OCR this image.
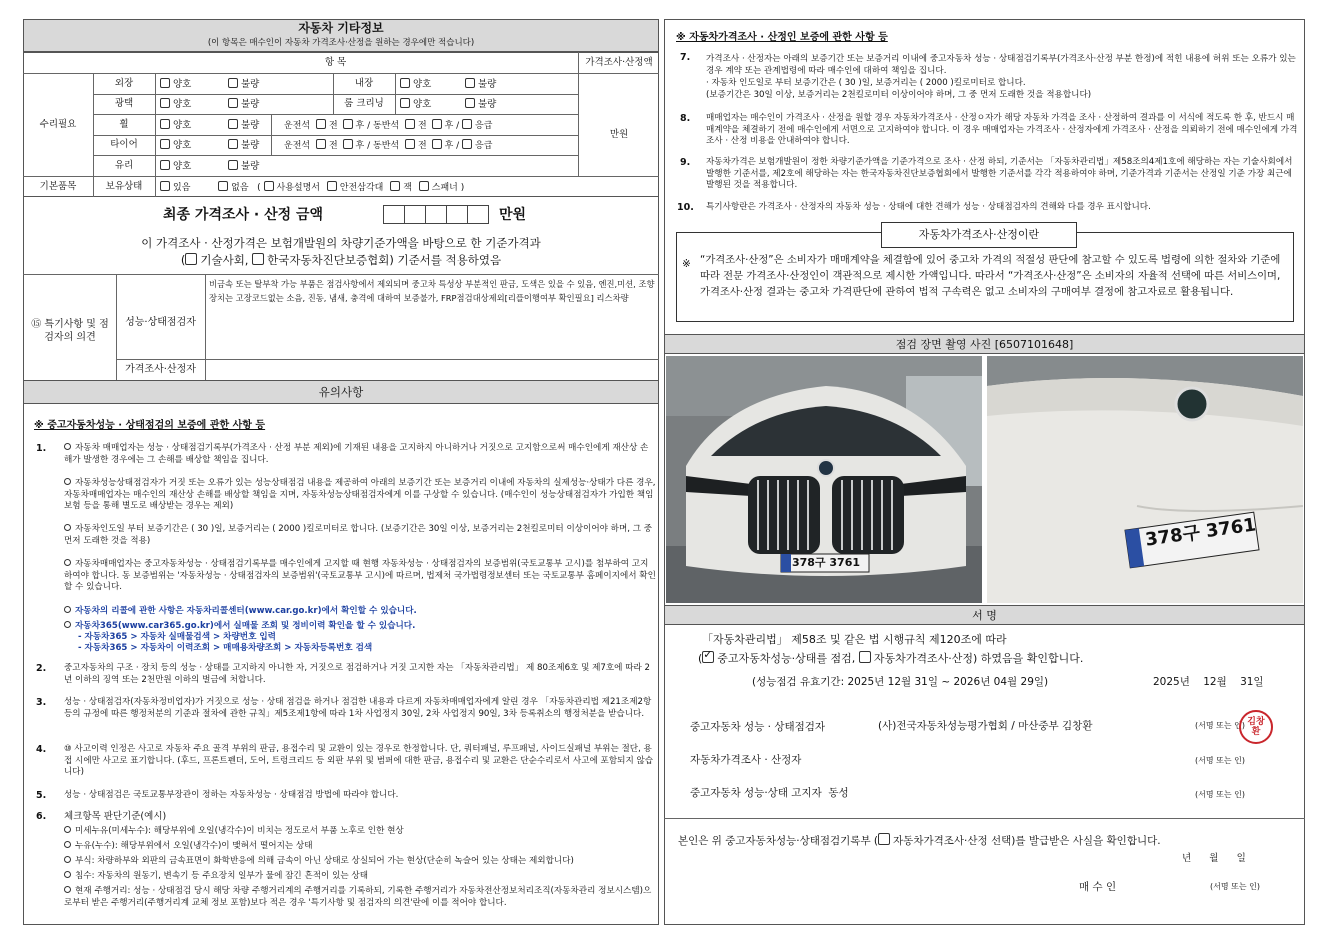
자동차 기타정보
(이 항목은 매수인이 자동차 가격조사·산정을 원하는 경우에만 적습니다)
항 목	가격조사·산정액
수리필요
만원
외장	양호	불량	내장	양호	불량
광택	양호	불량	룸 크리닝	양호	불량
휠	양호	불량	운전석 전 후 / 동반석 전 후 / 응급
타이어	양호	불량	운전석 전 후 / 동반석 전 후 / 응급
유리	양호	불량
기본품목	보유상태	있음	없음   ( 사용설명서 안전삼각대 잭 스패너 )
최종 가격조사 · 산정 금액	만원
이 가격조사 · 산정가격은 보험개발원의 차량기준가액을 바탕으로 한 기준가격과
( 기술사회, 한국자동차진단보증협회) 기준서를 적용하였음
⑮ 특기사항 및 점검자의 의견
성능·상태점검자
비금속 또는 탈부착 가능 부품은 점검사항에서 제외되며 중고차 특성상 부분적인 판금, 도색은 있을 수 있음, 엔진,미션, 조향장치는 고장코드없는 소음, 진동, 냄새, 충격에 대하여 보증불가, FRP점검대상제외[리플이행여부 확인필요] 리스차량
가격조사·산정자
유의사항
※ 중고자동차성능 · 상태점검의 보증에 관한 사항 등
1.	자동차 매매업자는 성능 · 상태점검기록부(가격조사 · 산정 부분 제외)에 기재된 내용을 고지하지 아니하거나 거짓으로 고지함으로써 매수인에게 재산상 손해가 발생한 경우에는 그 손해를 배상할 책임을 집니다.
자동차성능상태점검자가 거짓 또는 오류가 있는 성능상태점검 내용을 제공하여 아래의 보증기간 또는 보증거리 이내에 자동차의 실제성능·상태가 다른 경우, 자동차매매업자는 매수인의 재산상 손해를 배상할 책임을 지며, 자동차성능상태점검자에게 이를 구상할 수 있습니다. (매수인이 성능상태점검자가 가입한 책임보험 등을 통해 별도로 배상받는 경우는 제외)
자동차인도일 부터 보증기간은 ( 30 )일, 보증거리는 ( 2000 )킬로미터로 합니다. (보증기간은 30일 이상, 보증거리는 2천킬로미터 이상이어야 하며, 그 중 먼저 도래한 것을 적용)
자동차매매업자는 중고자동차성능 · 상태점검기록부를 매수인에게 고지할 때 현행 자동차성능 · 상태점검자의 보증범위(국토교통부 고시)를 첨부하여 고지하여야 합니다. 동 보증범위는 '자동차성능 · 상태점검자의 보증범위'(국토교통부 고시)에 따르며, 법제처 국가법령정보센터 또는 국토교통부 홈페이지에서 확인할 수 있습니다.
자동차의 리콜에 관한 사항은 자동차리콜센터(www.car.go.kr)에서 확인할 수 있습니다.
자동차365(www.car365.go.kr)에서 실매물 조회 및 정비이력 확인을 할 수 있습니다.
- 자동차365 > 자동차 실매물검색 > 차량번호 입력
- 자동차365 > 자동차이 이력조회 > 매매용차량조회 > 자동차등록번호 검색
2. 중고자동차의 구조 · 장치 등의 성능 · 상태를 고지하지 아니한 자, 거짓으로 점검하거나 거짓 고지한 자는 「자동차관리법」 제 80조제6호 및 제7호에 따라 2년 이하의 징역 또는 2천만원 이하의 벌금에 처합니다.
3. 성능 · 상태점검자(자동차정비업자)가 거짓으로 성능 · 상태 점검을 하거나 점검한 내용과 다르게 자동차매매업자에게 알린 경우 「자동차관리법 제21조제2항 등의 규정에 따른 행정처분의 기준과 절차에 관한 규칙」제5조제1항에 따라 1차 사업정지 30일, 2차 사업정지 90일, 3차 등록취소의 행정처분을 받습니다.
4. ⑩ 사고이력 인정은 사고로 자동차 주요 골격 부위의 판금, 용접수리 및 교환이 있는 경우로 한정합니다. 단, 쿼터패널, 루프패널, 사이드실패널 부위는 절단, 용접 시에만 사고로 표기합니다. (후드, 프론트펜더, 도어, 트렁크리드 등 외판 부위 및 범퍼에 대한 판금, 용접수리 및 교환은 단순수리로서 사고에 포함되지 않습니다)
5. 성능 · 상태점검은 국토교통부장관이 정하는 자동차성능 · 상태점검 방법에 따라야 합니다.
6. 체크항목 판단기준(예시)
미세누유(미세누수): 해당부위에 오일(냉각수)이 비치는 정도로서 부품 노후로 인한 현상
누유(누수): 해당부위에서 오일(냉각수)이 맺혀서 떨어지는 상태
부식: 차량하부와 외판의 금속표면이 화학반응에 의해 금속이 아닌 상태로 상실되어 가는 현상(단순히 녹슬어 있는 상태는 제외합니다)
침수: 자동차의 원동기, 변속기 등 주요장치 일부가 물에 잠긴 흔적이 있는 상태
현재 주행거리: 성능 · 상태점검 당시 해당 차량 주행거리계의 주행거리를 기록하되, 기록한 주행거리가 자동차전산정보처리조직(자동차관리 정보시스템)으로부터 받은 주행거리(주행거리계 교체 정보 포함)보다 적은 경우 '특기사항 및 점검자의 의견'란에 이를 적어야 합니다.
※ 자동차가격조사 · 산정인 보증에 관한 사항 등
7. 가격조사 · 산정자는 아래의 보증기간 또는 보증거리 이내에 중고자동차 성능 · 상태점검기록부(가격조사·산정 부분 한정)에 적힌 내용에 허위 또는 오류가 있는 경우 계약 또는 관계법령에 따라 매수인에 대하여 책임을 집니다.
· 자동차 인도일로 부터 보증기간은 ( 30 )일, 보증거리는 ( 2000 )킬로미터로 합니다.
(보증기간은 30일 이상, 보증거리는 2천킬로미터 이상이어야 하며, 그 중 먼저 도래한 것을 적용합니다)
8. 매매업자는 매수인이 가격조사 · 산정을 원할 경우 자동차가격조사 · 산정ㅇ자가 해당 자동차 가격을 조사 · 산정하여 결과를 이 서식에 적도록 한 후, 반드시 매매계약을 체결하기 전에 매수인에게 서면으로 고지하여야 합니다. 이 경우 매매업자는 가격조사 · 산정자에게 가격조사 · 산정을 의뢰하기 전에 매수인에게 가격조사 · 산정 비용을 안내하여야 합니다.
9. 자동차가격은 보험개발원이 정한 차량기준가액을 기준가격으로 조사 · 산정 하되, 기준서는 「자동차관리법」제58조의4제1호에 해당하는 자는 기술사회에서 발행한 기준서를, 제2호에 해당하는 자는 한국자동차진단보증협회에서 발행한 기준서를 각각 적용하여야 하며, 기준가격과 기준서는 산정일 기준 가장 최근에 발행된 것을 적용합니다.
10. 특기사항란은 가격조사 · 산정자의 자동차 성능 · 상태에 대한 견해가 성능 · 상태점검자의 견해와 다를 경우 표시합니다.
자동차가격조사·산정이란
※ “가격조사·산정”은 소비자가 매매계약을 체결함에 있어 중고차 가격의 적절성 판단에 참고할 수 있도록 법령에 의한 절차와 기준에 따라 전문 가격조사·산정인이 객관적으로 제시한 가액입니다. 따라서 “가격조사·산정”은 소비자의 자율적 선택에 따른 서비스이며, 가격조사·산정 결과는 중고차 가격판단에 관하여 법적 구속력은 없고 소비자의 구매여부 결정에 참고자료로 활용됩니다.
점검 장면 촬영 사진 [6507101648]
378구 3761
378구 3761
서 명
「자동차관리법」 제58조 및 같은 법 시행규칙 제120조에 따라
(✓ 중고자동차성능·상태를 점검, 자동차가격조사·산정) 하였음을 확인합니다.
(성능점검 유효기간: 2025년 12월 31일 ~ 2026년 04월 29일)	2025년    12월    31일
중고자동차 성능 · 상태점검자	(사)전국자동차성능평가협회 / 마산중부 김창환	(서명 또는 인) 김창환
자동차가격조사 · 산정자	(서명 또는 인)
중고자동차 성능·상태 고지자  동성	(서명 또는 인)
본인은 위 중고자동차성능·상태점검기록부 ( 자동차가격조사·산정 선택)를 발급받은 사실을 확인합니다.
년      월      일
매 수 인	(서명 또는 인)
